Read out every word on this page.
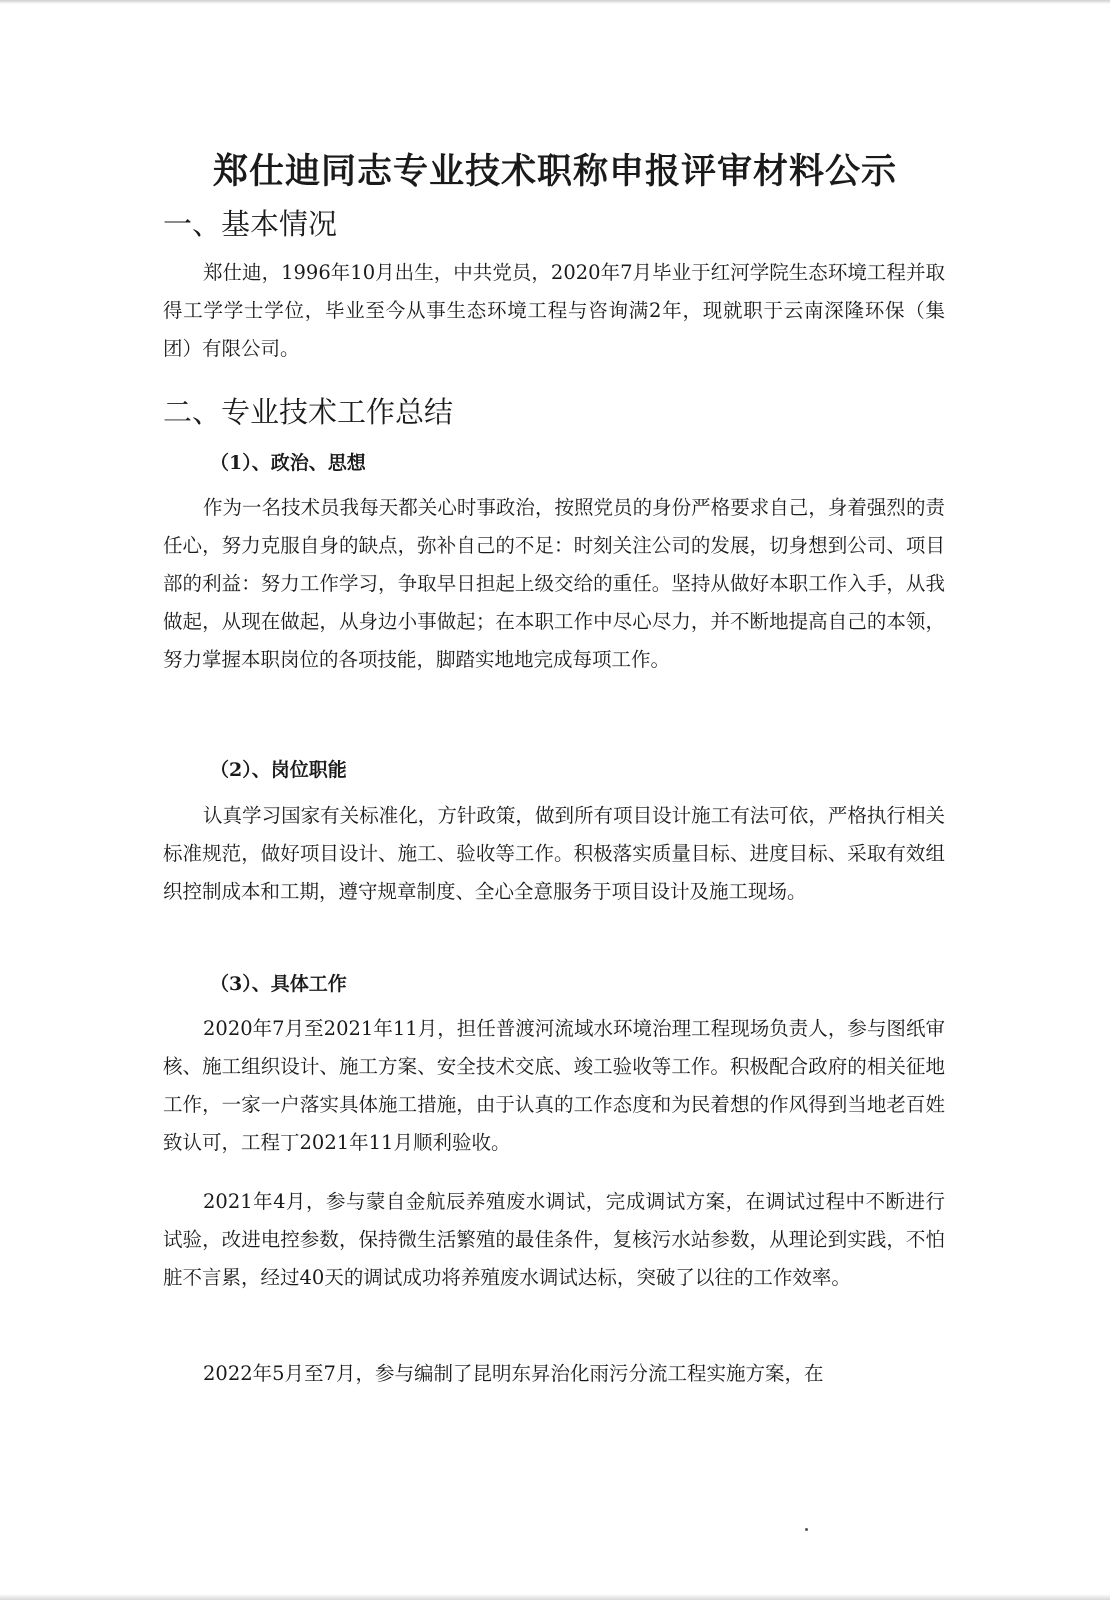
郑仕迪同志专业技术职称申报评审材料公示
一、基本情况

郑仕迪，1996年10月出生，中共党员，2020年7月毕业于红河学院生态环境工程并取得工学学士学位，毕业至今从事生态环境工程与咨询满2年，现就职于云南深隆环保（集团）有限公司。

二、专业技术工作总结
（1）、政治、思想

作为一名技术员我每天都关心时事政治，按照党员的身份严格要求自己，身着强烈的责任心，努力克服自身的缺点，弥补自己的不足：时刻关注公司的发展，切身想到公司、项目部的利益：努力工作学习，争取早日担起上级交给的重任。坚持从做好本职工作入手，从我做起，从现在做起，从身边小事做起；在本职工作中尽心尽力，并不断地提高自己的本领，努力掌握本职岗位的各项技能，脚踏实地地完成每项工作。

（2）、岗位职能

认真学习国家有关标准化，方针政策，做到所有项目设计施工有法可依，严格执行相关标准规范，做好项目设计、施工、验收等工作。积极落实质量目标、进度目标、采取有效组织控制成本和工期，遵守规章制度、全心全意服务于项目设计及施工现场。

（3）、具体工作

2020年7月至2021年11月，担任普渡河流域水环境治理工程现场负责人，参与图纸审核、施工组织设计、施工方案、安全技术交底、竣工验收等工作。积极配合政府的相关征地工作，一家一户落实具体施工措施，由于认真的工作态度和为民着想的作风得到当地老百姓 致认可，工程丁2021年11月顺利验收。

2021年4月，参与蒙自金航辰养殖废水调试，完成调试方案，在调试过程中不断进行试验，改进电控参数，保持微生活繁殖的最佳条件，复核污水站参数，从理论到实践，不怕脏不言累，经过40天的调试成功将养殖废水调试达标，突破了以往的工作效率。

2022年5月至7月，参与编制了昆明东昇治化雨污分流工程实施方案，在
